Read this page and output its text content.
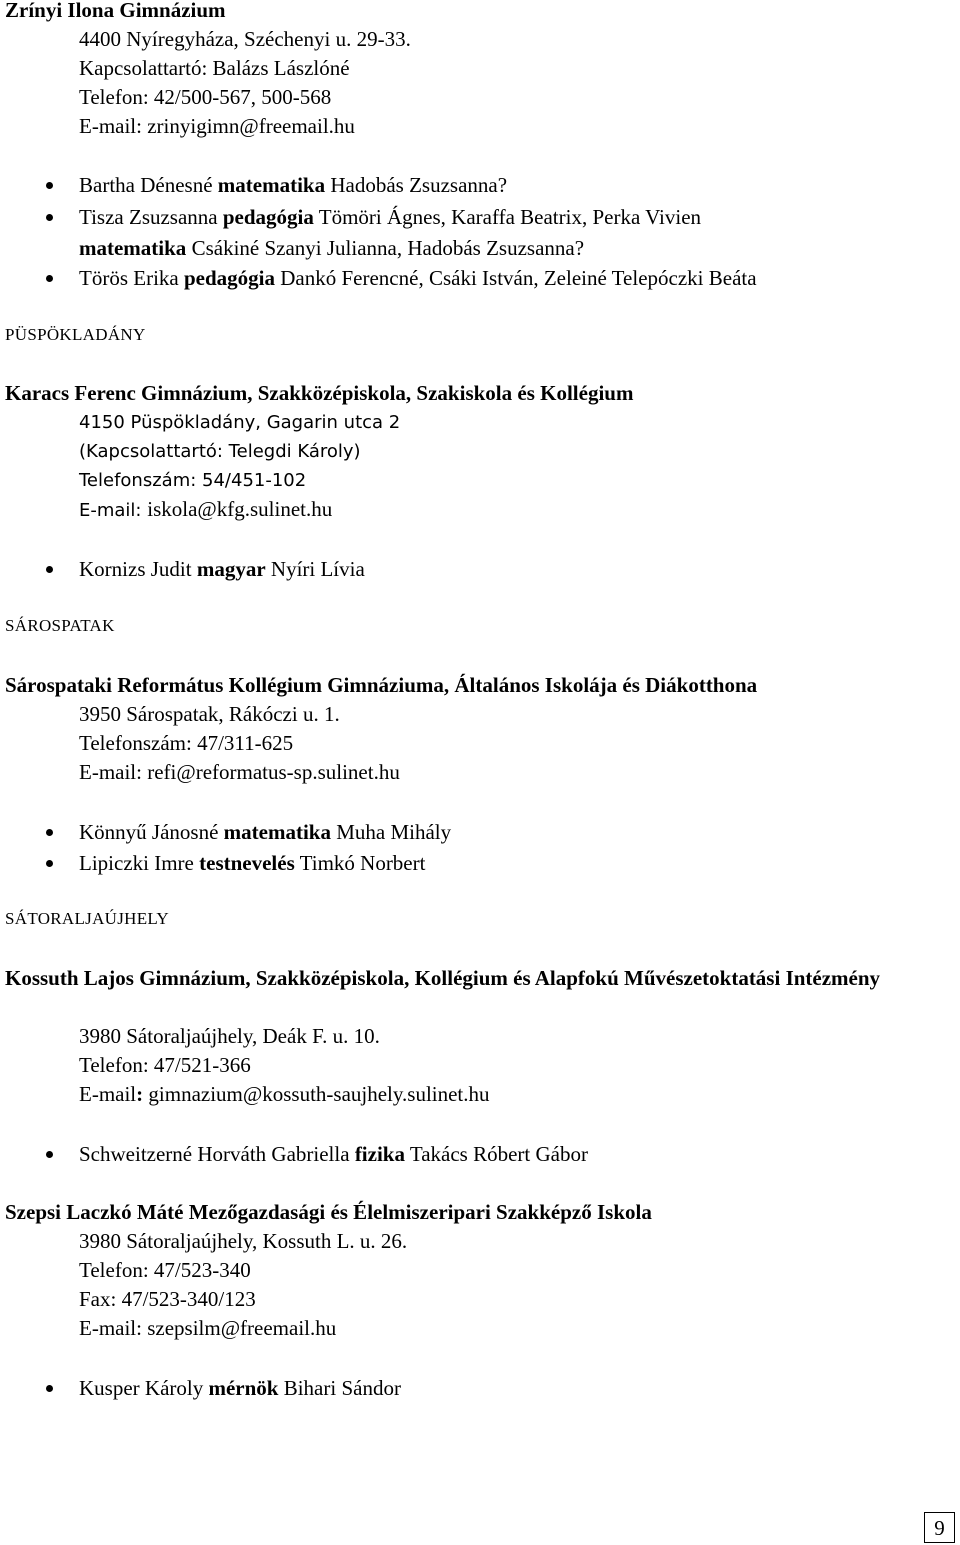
Zrínyi Ilona Gimnázium
4400 Nyíregyháza, Széchenyi u. 29-33.
Kapcsolattartó: Balázs Lászlóné
Telefon: 42/500-567, 500-568
E-mail: zrinyigimn@freemail.hu
Bartha Dénesné matematika Hadobás Zsuzsanna?
Tisza Zsuzsanna pedagógia Tömöri Ágnes, Karaffa Beatrix, Perka Vivien
matematika Csákiné Szanyi Julianna, Hadobás Zsuzsanna?
Törös Erika pedagógia Dankó Ferencné, Csáki István, Zeleiné Telepóczki Beáta
PÜSPÖKLADÁNY
Karacs Ferenc Gimnázium, Szakközépiskola, Szakiskola és Kollégium
4150 Püspökladány, Gagarin utca 2
(Kapcsolattartó: Telegdi Károly)
Telefonszám: 54/451-102
E-mail: iskola@kfg.sulinet.hu
Kornizs Judit magyar Nyíri Lívia
SÁROSPATAK
Sárospataki Református Kollégium Gimnáziuma, Általános Iskolája és Diákotthona
3950 Sárospatak, Rákóczi u. 1.
Telefonszám: 47/311-625
E-mail: refi@reformatus-sp.sulinet.hu
Könnyű Jánosné matematika Muha Mihály
Lipiczki Imre testnevelés Timkó Norbert
SÁTORALJAÚJHELY
Kossuth Lajos Gimnázium, Szakközépiskola, Kollégium és Alapfokú Művészetoktatási Intézmény
3980 Sátoraljaújhely, Deák F. u. 10.
Telefon: 47/521-366
E-mail: gimnazium@kossuth-saujhely.sulinet.hu
Schweitzerné Horváth Gabriella fizika Takács Róbert Gábor
Szepsi Laczkó Máté Mezőgazdasági és Élelmiszeripari Szakképző Iskola
3980 Sátoraljaújhely, Kossuth L. u. 26.
Telefon: 47/523-340
Fax: 47/523-340/123
E-mail: szepsilm@freemail.hu
Kusper Károly mérnök Bihari Sándor
9
